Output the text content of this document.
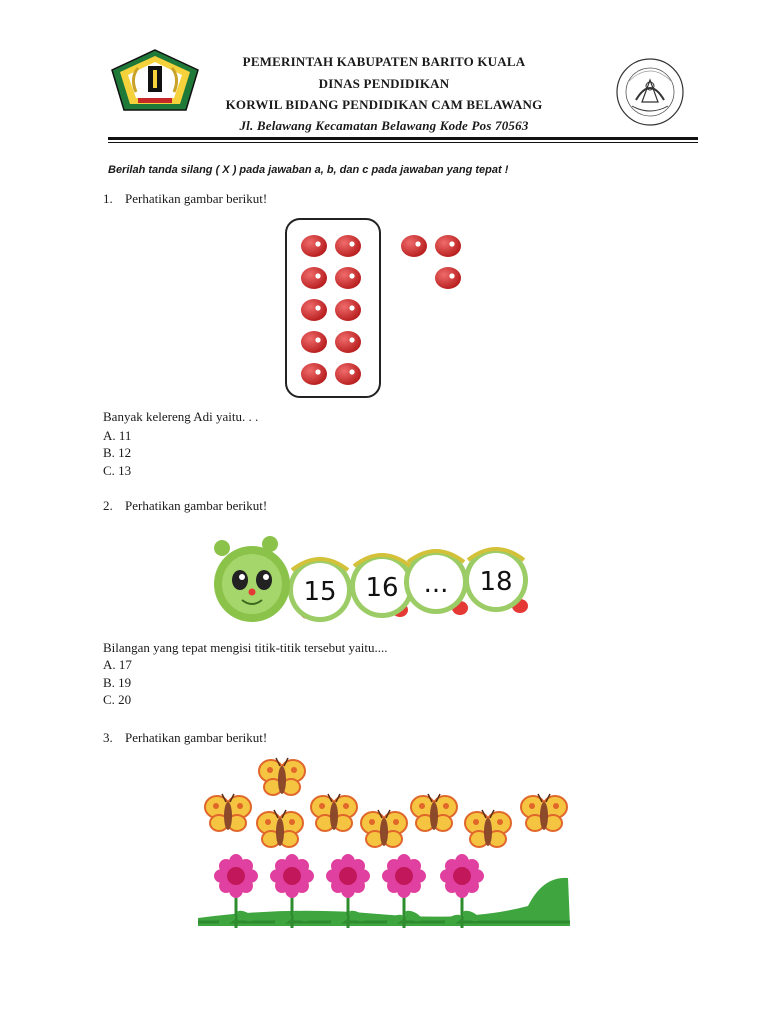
PEMERINTAH KABUPATEN BARITO KUALA
DINAS PENDIDIKAN
KORWIL BIDANG PENDIDIKAN CAM BELAWANG
Jl. Belawang Kecamatan Belawang Kode Pos 70563
Berilah tanda silang ( X ) pada jawaban a, b, dan c pada jawaban yang tepat !
1. Perhatikan gambar berikut!
Banyak kelereng Adi yaitu. . .
A. 11
B. 12
C. 13
2. Perhatikan gambar berikut!
15 16 ... 18
Bilangan yang tepat mengisi titik-titik tersebut yaitu....
A. 17
B. 19
C. 20
3. Perhatikan gambar berikut!
